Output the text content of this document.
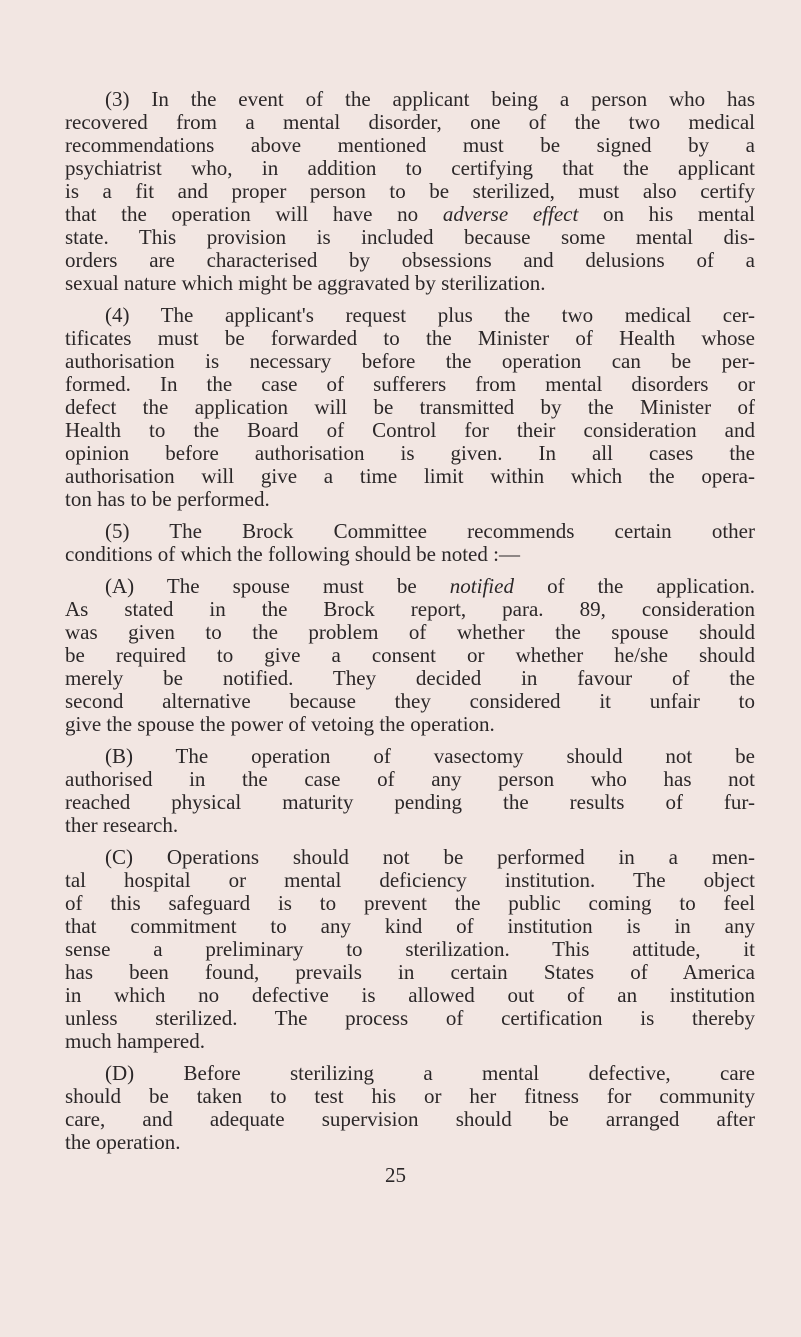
(3) In the event of the applicant being a person who has
recovered from a mental disorder, one of the two medical
recommendations above mentioned must be signed by a
psychiatrist who, in addition to certifying that the applicant
is a fit and proper person to be sterilized, must also certify
that the operation will have no adverse effect on his mental
state. This provision is included because some mental dis-
orders are characterised by obsessions and delusions of a
sexual nature which might be aggravated by sterilization.
(4) The applicant's request plus the two medical cer-
tificates must be forwarded to the Minister of Health whose
authorisation is necessary before the operation can be per-
formed. In the case of sufferers from mental disorders or
defect the application will be transmitted by the Minister of
Health to the Board of Control for their consideration and
opinion before authorisation is given. In all cases the
authorisation will give a time limit within which the opera-
ton has to be performed.
(5) The Brock Committee recommends certain other
conditions of which the following should be noted :—
(A) The spouse must be notified of the application.
As stated in the Brock report, para. 89, consideration
was given to the problem of whether the spouse should
be required to give a consent or whether he/she should
merely be notified. They decided in favour of the
second alternative because they considered it unfair to
give the spouse the power of vetoing the operation.
(B) The operation of vasectomy should not be
authorised in the case of any person who has not
reached physical maturity pending the results of fur-
ther research.
(C) Operations should not be performed in a men-
tal hospital or mental deficiency institution. The object
of this safeguard is to prevent the public coming to feel
that commitment to any kind of institution is in any
sense a preliminary to sterilization. This attitude, it
has been found, prevails in certain States of America
in which no defective is allowed out of an institution
unless sterilized. The process of certification is thereby
much hampered.
(D) Before sterilizing a mental defective, care
should be taken to test his or her fitness for community
care, and adequate supervision should be arranged after
the operation.
25
